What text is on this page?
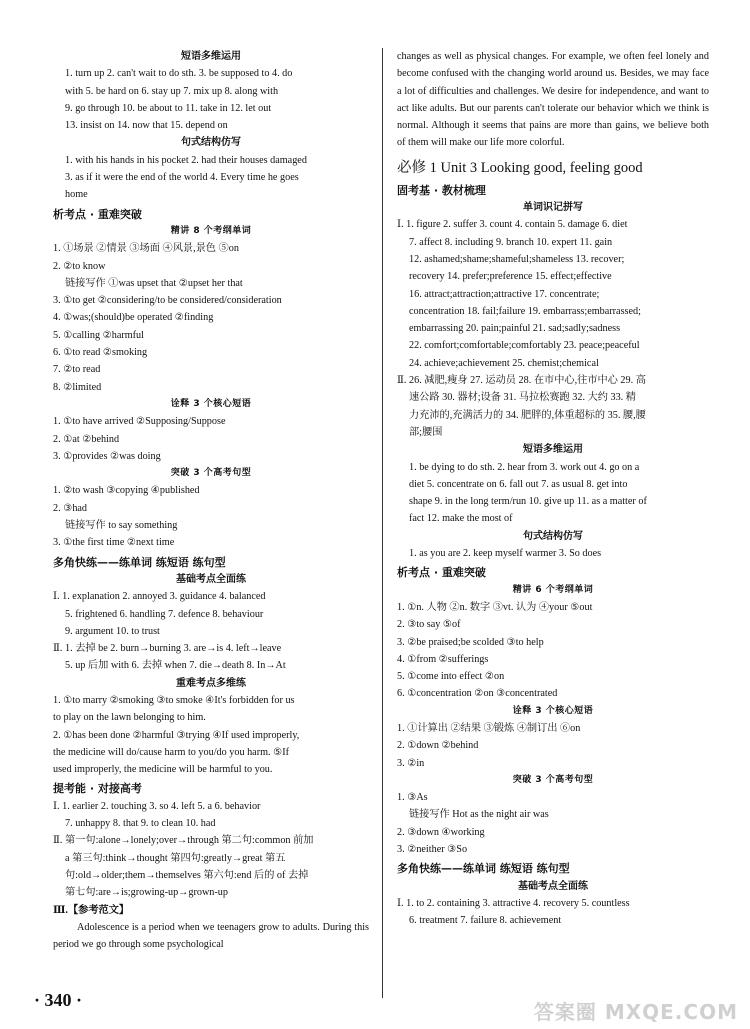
短语多维运用
1. turn up 2. can't wait to do sth. 3. be supposed to 4. do
with 5. be hard on 6. stay up 7. mix up 8. along with
9. go through 10. be about to 11. take in 12. let out
13. insist on 14. now that 15. depend on
句式结构仿写
1. with his hands in his pocket 2. had their houses damaged
3. as if it were the end of the world 4. Every time he goes
home
析考点 · 重难突破
精讲 8 个考纲单词
1. ①场景 ②情景 ③场面 ④风景,景色 ⑤on
2. ②to know
链接写作 ①was upset that ②upset her that
3. ①to get ②considering/to be considered/consideration
4. ①was;(should)be operated ②finding
5. ①calling ②harmful
6. ①to read ②smoking
7. ②to read
8. ②limited
诠释 3 个核心短语
1. ①to have arrived ②Supposing/Suppose
2. ①at ②behind
3. ①provides ②was doing
突破 3 个高考句型
1. ②to wash ③copying ④published
2. ③had
链接写作 to say something
3. ①the first time ②next time
多角快练——练单词 练短语 练句型
基础考点全面练
Ⅰ. 1. explanation 2. annoyed 3. guidance 4. balanced
5. frightened 6. handling 7. defence 8. behaviour
9. argument 10. to trust
Ⅱ. 1. 去掉 be 2. burn→burning 3. are→is 4. left→leave
5. up 后加 with 6. 去掉 when 7. die→death 8. In→At
重难考点多维练
1. ①to marry ②smoking ③to smoke ④It's forbidden for us
to play on the lawn belonging to him.
2. ①has been done ②harmful ③trying ④If used improperly,
the medicine will do/cause harm to you/do you harm. ⑤If
used improperly, the medicine will be harmful to you.
提考能 · 对接高考
Ⅰ. 1. earlier 2. touching 3. so 4. left 5. a 6. behavior
7. unhappy 8. that 9. to clean 10. had
Ⅱ. 第一句:alone→lonely;over→through 第二句:common 前加
a 第三句:think→thought 第四句:greatly→great 第五
句:old→older;them→themselves 第六句:end 后的 of 去掉
第七句:are→is;growing-up→grown-up
Ⅲ.【参考范文】
Adolescence is a period when we teenagers grow to adults. During this period we go through some psychological
changes as well as physical changes. For example, we often feel lonely and become confused with the changing world around us. Besides, we may face a lot of difficulties and challenges. We desire for independence, and want to act like adults. But our parents can't tolerate our behavior which we think is normal. Although it seems that pains are more than gains, we believe both of them will make our life more colorful.
必修 1 Unit 3 Looking good, feeling good
固考基 · 教材梳理
单词识记拼写
Ⅰ. 1. figure 2. suffer 3. count 4. contain 5. damage 6. diet
7. affect 8. including 9. branch 10. expert 11. gain
12. ashamed;shame;shameful;shameless 13. recover;
recovery 14. prefer;preference 15. effect;effective
16. attract;attraction;attractive 17. concentrate;
concentration 18. fail;failure 19. embarrass;embarrassed;
embarrassing 20. pain;painful 21. sad;sadly;sadness
22. comfort;comfortable;comfortably 23. peace;peaceful
24. achieve;achievement 25. chemist;chemical
Ⅱ. 26. 减肥,瘦身 27. 运动员 28. 在市中心,往市中心 29. 高
速公路 30. 器材;设备 31. 马拉松赛跑 32. 大约 33. 精
力充沛的,充满活力的 34. 肥胖的,体重超标的 35. 腰,腰
部;腰围
短语多维运用
1. be dying to do sth. 2. hear from 3. work out 4. go on a
diet 5. concentrate on 6. fall out 7. as usual 8. get into
shape 9. in the long term/run 10. give up 11. as a matter of
fact 12. make the most of
句式结构仿写
1. as you are 2. keep myself warmer 3. So does
析考点 · 重难突破
精讲 6 个考纲单词
1. ①n. 人物 ②n. 数字 ③vt. 认为 ④your ⑤out
2. ③to say ⑤of
3. ②be praised;be scolded ③to help
4. ①from ②sufferings
5. ①come into effect ②on
6. ①concentration ②on ③concentrated
诠释 3 个核心短语
1. ①计算出 ②结果 ③锻炼 ④制订出 ⑥on
2. ①down ②behind
3. ②in
突破 3 个高考句型
1. ③As
链接写作 Hot as the night air was
2. ③down ④working
3. ②neither ③So
多角快练——练单词 练短语 练句型
基础考点全面练
Ⅰ. 1. to 2. containing 3. attractive 4. recovery 5. countless
6. treatment 7. failure 8. achievement
· 340 ·	答案圈 MXQE.COM
